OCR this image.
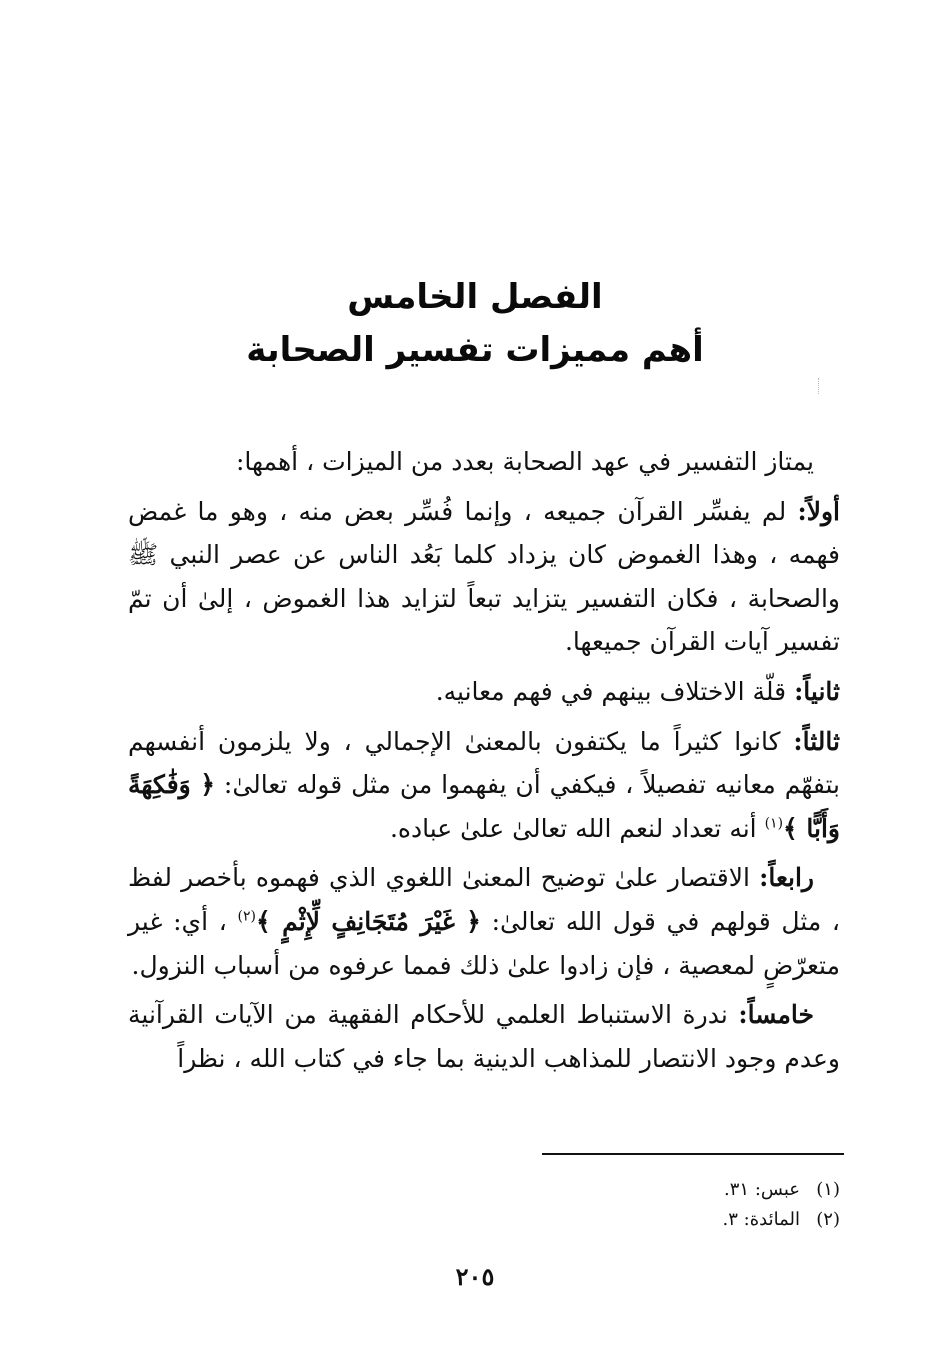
الفصل الخامس
أهم مميزات تفسير الصحابة

يمتاز التفسير في عهد الصحابة بعدد من الميزات ، أهمها:

أولاً: لم يفسِّر القرآن جميعه ، وإنما فُسِّر بعض منه ، وهو ما غمض فهمه ، وهذا الغموض كان يزداد كلما بَعُد الناس عن عصر النبي ﷺ والصحابة ، فكان التفسير يتزايد تبعاً لتزايد هذا الغموض ، إلىٰ أن تمّ تفسير آيات القرآن جميعها.

ثانياً: قلّة الاختلاف بينهم في فهم معانيه.

ثالثاً: كانوا كثيراً ما يكتفون بالمعنىٰ الإجمالي ، ولا يلزمون أنفسهم بتفهّم معانيه تفصيلاً ، فيكفي أن يفهموا من مثل قوله تعالىٰ: ﴿ وَفَٰكِهَةً وَأَبًّا ﴾$^{(١)}$ أنه تعداد لنعم الله تعالىٰ علىٰ عباده.

رابعاً: الاقتصار علىٰ توضيح المعنىٰ اللغوي الذي فهموه بأخصر لفظ ، مثل قولهم في قول الله تعالىٰ: ﴿ غَيْرَ مُتَجَانِفٍ لِّإِثْمٍ ﴾$^{(٢)}$ ، أي: غير متعرّضٍ لمعصية ، فإن زادوا علىٰ ذلك فمما عرفوه من أسباب النزول.

خامساً: ندرة الاستنباط العلمي للأحكام الفقهية من الآيات القرآنية وعدم وجود الانتصار للمذاهب الدينية بما جاء في كتاب الله ، نظراً

(١)عبس: ٣١.
(٢)المائدة: ٣.
٢٠٥
